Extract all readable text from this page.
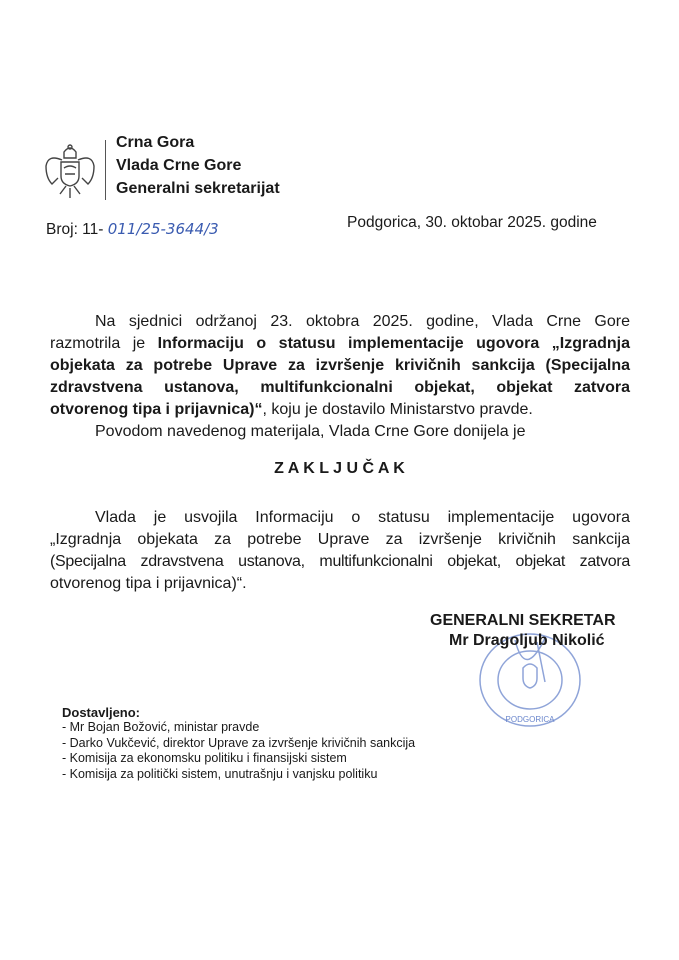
Crna Gora
Vlada Crne Gore
Generalni sekretarijat
Broj: 11- 011/25-3644/3	Podgorica, 30. oktobar 2025. godine
Na sjednici održanoj 23. oktobra 2025. godine, Vlada Crne Gore
razmotrila je Informaciju o statusu implementacije ugovora „Izgradnja
objekata za potrebe Uprave za izvršenje krivičnih sankcija (Specijalna
zdravstvena ustanova, multifunkcionalni objekat, objekat zatvora
otvorenog tipa i prijavnica)“, koju je dostavilo Ministarstvo pravde.
Povodom navedenog materijala, Vlada Crne Gore donijela je
Z A K L J U Č A K
Vlada je usvojila Informaciju o statusu implementacije ugovora
„Izgradnja objekata za potrebe Uprave za izvršenje krivičnih sankcija
(Specijalna zdravstvena ustanova, multifunkcionalni objekat, objekat zatvora
otvorenog tipa i prijavnica)“.
PODGORICA
GENERALNI SEKRETAR
Mr Dragoljub Nikolić
Dostavljeno:
- Mr Bojan Božović, ministar pravde
- Darko Vukčević, direktor Uprave za izvršenje krivičnih sankcija
- Komisija za ekonomsku politiku i finansijski sistem
- Komisija za politički sistem, unutrašnju i vanjsku politiku
